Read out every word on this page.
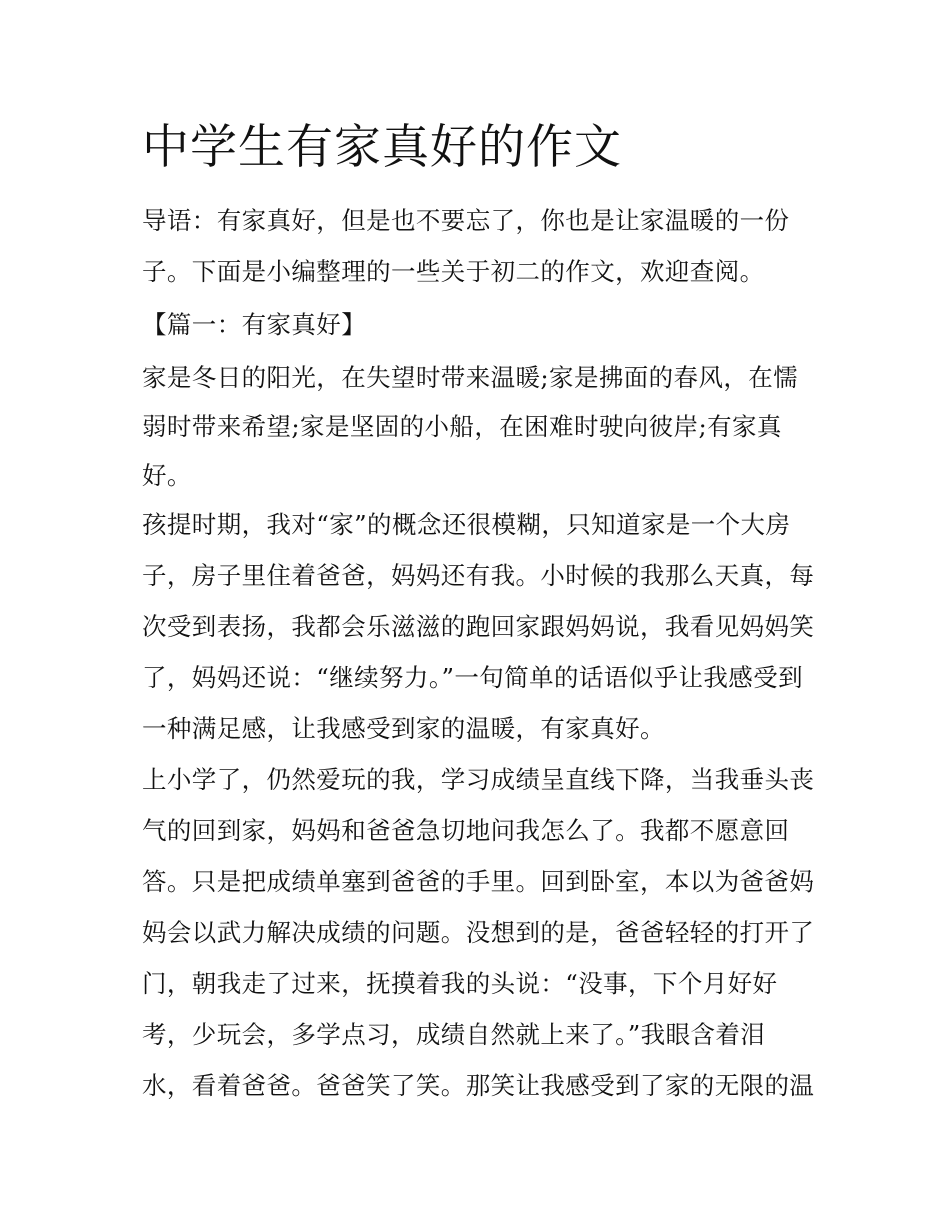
中学生有家真好的作文
导语：有家真好，但是也不要忘了，你也是让家温暖的一份
子。下面是小编整理的一些关于初二的作文，欢迎查阅。
【篇一：有家真好】
家是冬日的阳光，在失望时带来温暖;家是拂面的春风，在懦
弱时带来希望;家是坚固的小船，在困难时驶向彼岸;有家真
好。
孩提时期，我对“家”的概念还很模糊，只知道家是一个大房
子，房子里住着爸爸，妈妈还有我。小时候的我那么天真，每
次受到表扬，我都会乐滋滋的跑回家跟妈妈说，我看见妈妈笑
了，妈妈还说：“继续努力。”一句简单的话语似乎让我感受到
一种满足感，让我感受到家的温暖，有家真好。
上小学了，仍然爱玩的我，学习成绩呈直线下降，当我垂头丧
气的回到家，妈妈和爸爸急切地问我怎么了。我都不愿意回
答。只是把成绩单塞到爸爸的手里。回到卧室，本以为爸爸妈
妈会以武力解决成绩的问题。没想到的是，爸爸轻轻的打开了
门，朝我走了过来，抚摸着我的头说：“没事，下个月好好
考，少玩会，多学点习，成绩自然就上来了。”我眼含着泪
水，看着爸爸。爸爸笑了笑。那笑让我感受到了家的无限的温
